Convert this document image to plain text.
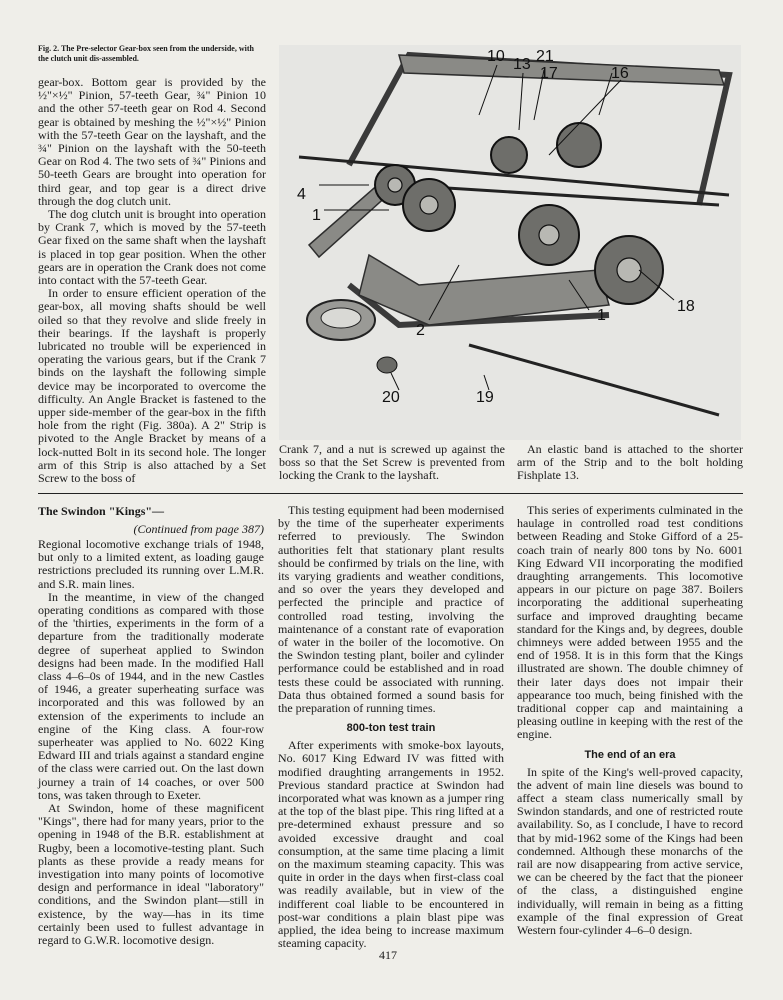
Fig. 2. The Pre-selector Gear-box seen from the underside, with the clutch unit dis-assembled.

gear-box. Bottom gear is provided by the ½"×½" Pinion, 57-teeth Gear, ¾" Pinion 10 and the other 57-teeth gear on Rod 4. Second gear is obtained by meshing the ½"×½" Pinion with the 57-teeth Gear on the layshaft, and the ¾" Pinion on the layshaft with the 50-teeth Gear on Rod 4. The two sets of ¾" Pinions and 50-teeth Gears are brought into operation for third gear, and top gear is a direct drive through the dog clutch unit.

The dog clutch unit is brought into operation by Crank 7, which is moved by the 57-teeth Gear fixed on the same shaft when the layshaft is placed in top gear position. When the other gears are in operation the Crank does not come into contact with the 57-teeth Gear.

In order to ensure efficient operation of the gear-box, all moving shafts should be well oiled so that they revolve and slide freely in their bearings. If the layshaft is properly lubricated no trouble will be experienced in operating the various gears, but if the Crank 7 binds on the layshaft the following simple device may be incorporated to overcome the difficulty. An Angle Bracket is fastened to the upper side-member of the gear-box in the fifth hole from the right (Fig. 380a). A 2" Strip is pivoted to the Angle Bracket by means of a lock-nutted Bolt in its second hole. The longer arm of this Strip is also attached by a Set Screw to the boss of

10 13 21
17	16
4
1
2
1
18
20	19

Crank 7, and a nut is screwed up against the boss so that the Set Screw is prevented from locking the Crank to the layshaft.

An elastic band is attached to the shorter arm of the Strip and to the bolt holding Fishplate 13.

The Swindon "Kings"—

(Continued from page 387)

Regional locomotive exchange trials of 1948, but only to a limited extent, as loading gauge restrictions precluded its running over L.M.R. and S.R. main lines.

In the meantime, in view of the changed operating conditions as compared with those of the 'thirties, experiments in the form of a departure from the traditionally moderate degree of superheat applied to Swindon designs had been made. In the modified Hall class 4–6–0s of 1944, and in the new Castles of 1946, a greater superheating surface was incorporated and this was followed by an extension of the experiments to include an engine of the King class. A four-row superheater was applied to No. 6022 King Edward III and trials against a standard engine of the class were carried out. On the last down journey a train of 14 coaches, or over 500 tons, was taken through to Exeter.

At Swindon, home of these magnificent "Kings", there had for many years, prior to the opening in 1948 of the B.R. establishment at Rugby, been a locomotive-testing plant. Such plants as these provide a ready means for investigation into many points of locomotive design and performance in ideal "laboratory" conditions, and the Swindon plant—still in existence, by the way—has in its time certainly been used to fullest advantage in regard to G.W.R. locomotive design.

This testing equipment had been modernised by the time of the superheater experiments referred to previously. The Swindon authorities felt that stationary plant results should be confirmed by trials on the line, with its varying gradients and weather conditions, and so over the years they developed and perfected the principle and practice of controlled road testing, involving the maintenance of a constant rate of evaporation of water in the boiler of the locomotive. On the Swindon testing plant, boiler and cylinder performance could be established and in road tests these could be associated with running. Data thus obtained formed a sound basis for the preparation of running times.

800-ton test train

After experiments with smoke-box layouts, No. 6017 King Edward IV was fitted with modified draughting arrangements in 1952. Previous standard practice at Swindon had incorporated what was known as a jumper ring at the top of the blast pipe. This ring lifted at a pre-determined exhaust pressure and so avoided excessive draught and coal consumption, at the same time placing a limit on the maximum steaming capacity. This was quite in order in the days when first-class coal was readily available, but in view of the indifferent coal liable to be encountered in post-war conditions a plain blast pipe was applied, the idea being to increase maximum steaming capacity.

This series of experiments culminated in the haulage in controlled road test conditions between Reading and Stoke Gifford of a 25-coach train of nearly 800 tons by No. 6001 King Edward VII incorporating the modified draughting arrangements. This locomotive appears in our picture on page 387. Boilers incorporating the additional superheating surface and improved draughting became standard for the Kings and, by degrees, double chimneys were added between 1955 and the end of 1958. It is in this form that the Kings illustrated are shown. The double chimney of their later days does not impair their appearance too much, being finished with the traditional copper cap and maintaining a pleasing outline in keeping with the rest of the engine.

The end of an era

In spite of the King's well-proved capacity, the advent of main line diesels was bound to affect a steam class numerically small by Swindon standards, and one of restricted route availability. So, as I conclude, I have to record that by mid-1962 some of the Kings had been condemned. Although these monarchs of the rail are now disappearing from active service, we can be cheered by the fact that the pioneer of the class, a distinguished engine individually, will remain in being as a fitting example of the final expression of Great Western four-cylinder 4–6–0 design.

417
